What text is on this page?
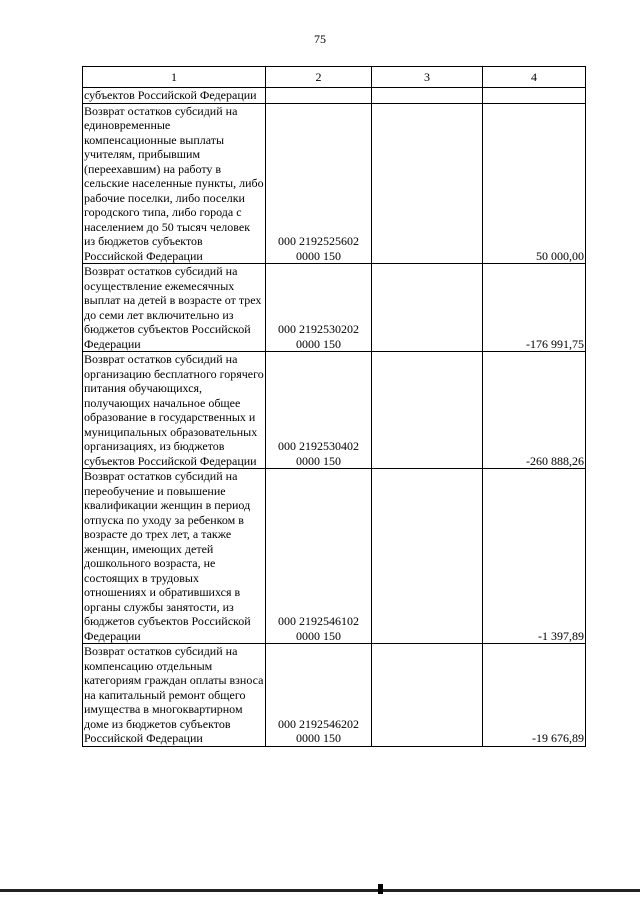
75
1	2	3	4
субъектов Российской Федерации			
Возврат остатков субсидий на единовременные компенсационные выплаты учителям, прибывшим (переехавшим) на работу в сельские населенные пункты, либо рабочие поселки, либо поселки городского типа, либо города с населением до 50 тысяч человек из бюджетов субъектов Российской Федерации	000 2192525602 0000 150		50 000,00
Возврат остатков субсидий на осуществление ежемесячных выплат на детей в возрасте от трех до семи лет включительно из бюджетов субъектов Российской Федерации	000 2192530202 0000 150		-176 991,75
Возврат остатков субсидий на организацию бесплатного горячего питания обучающихся, получающих начальное общее образование в государственных и муниципальных образовательных организациях, из бюджетов субъектов Российской Федерации	000 2192530402 0000 150		-260 888,26
Возврат остатков субсидий на переобучение и повышение квалификации женщин в период отпуска по уходу за ребенком в возрасте до трех лет, а также женщин, имеющих детей дошкольного возраста, не состоящих в трудовых отношениях и обратившихся в органы службы занятости, из бюджетов субъектов Российской Федерации	000 2192546102 0000 150		-1 397,89
Возврат остатков субсидий на компенсацию отдельным категориям граждан оплаты взноса на капитальный ремонт общего имущества в многоквартирном доме из бюджетов субъектов Российской Федерации	000 2192546202 0000 150		-19 676,89
